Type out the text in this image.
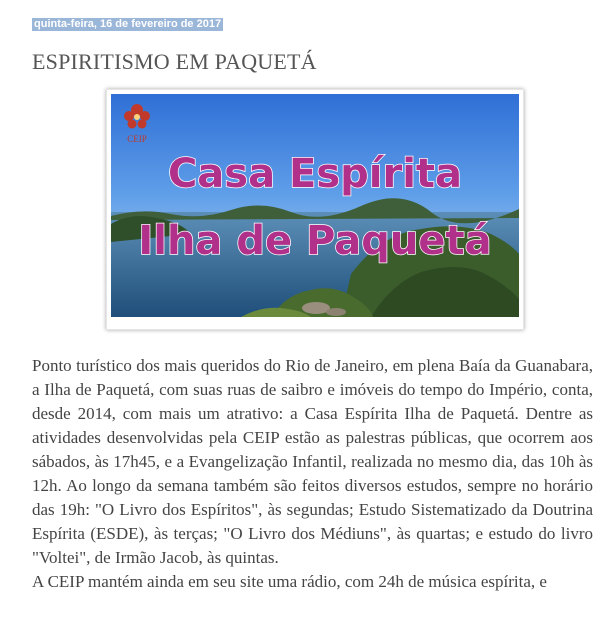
quinta-feira, 16 de fevereiro de 2017
ESPIRITISMO EM PAQUETÁ
CEIP
Casa Espírita
Ilha de Paquetá

Ponto turístico dos mais queridos do Rio de Janeiro, em plena Baía da Guanabara, a Ilha de Paquetá, com suas ruas de saibro e imóveis do tempo do Império, conta, desde 2014, com mais um atrativo: a Casa Espírita Ilha de Paquetá. Dentre as atividades desenvolvidas pela CEIP estão as palestras públicas, que ocorrem aos sábados, às 17h45, e a Evangelização Infantil, realizada no mesmo dia, das 10h às 12h. Ao longo da semana também são feitos diversos estudos, sempre no horário das 19h: "O Livro dos Espíritos", às segundas; Estudo Sistematizado da Doutrina Espírita (ESDE), às terças; "O Livro dos Médiuns", às quartas; e estudo do livro "Voltei", de Irmão Jacob, às quintas.

A CEIP mantém ainda em seu site uma rádio, com 24h de música espírita, e
